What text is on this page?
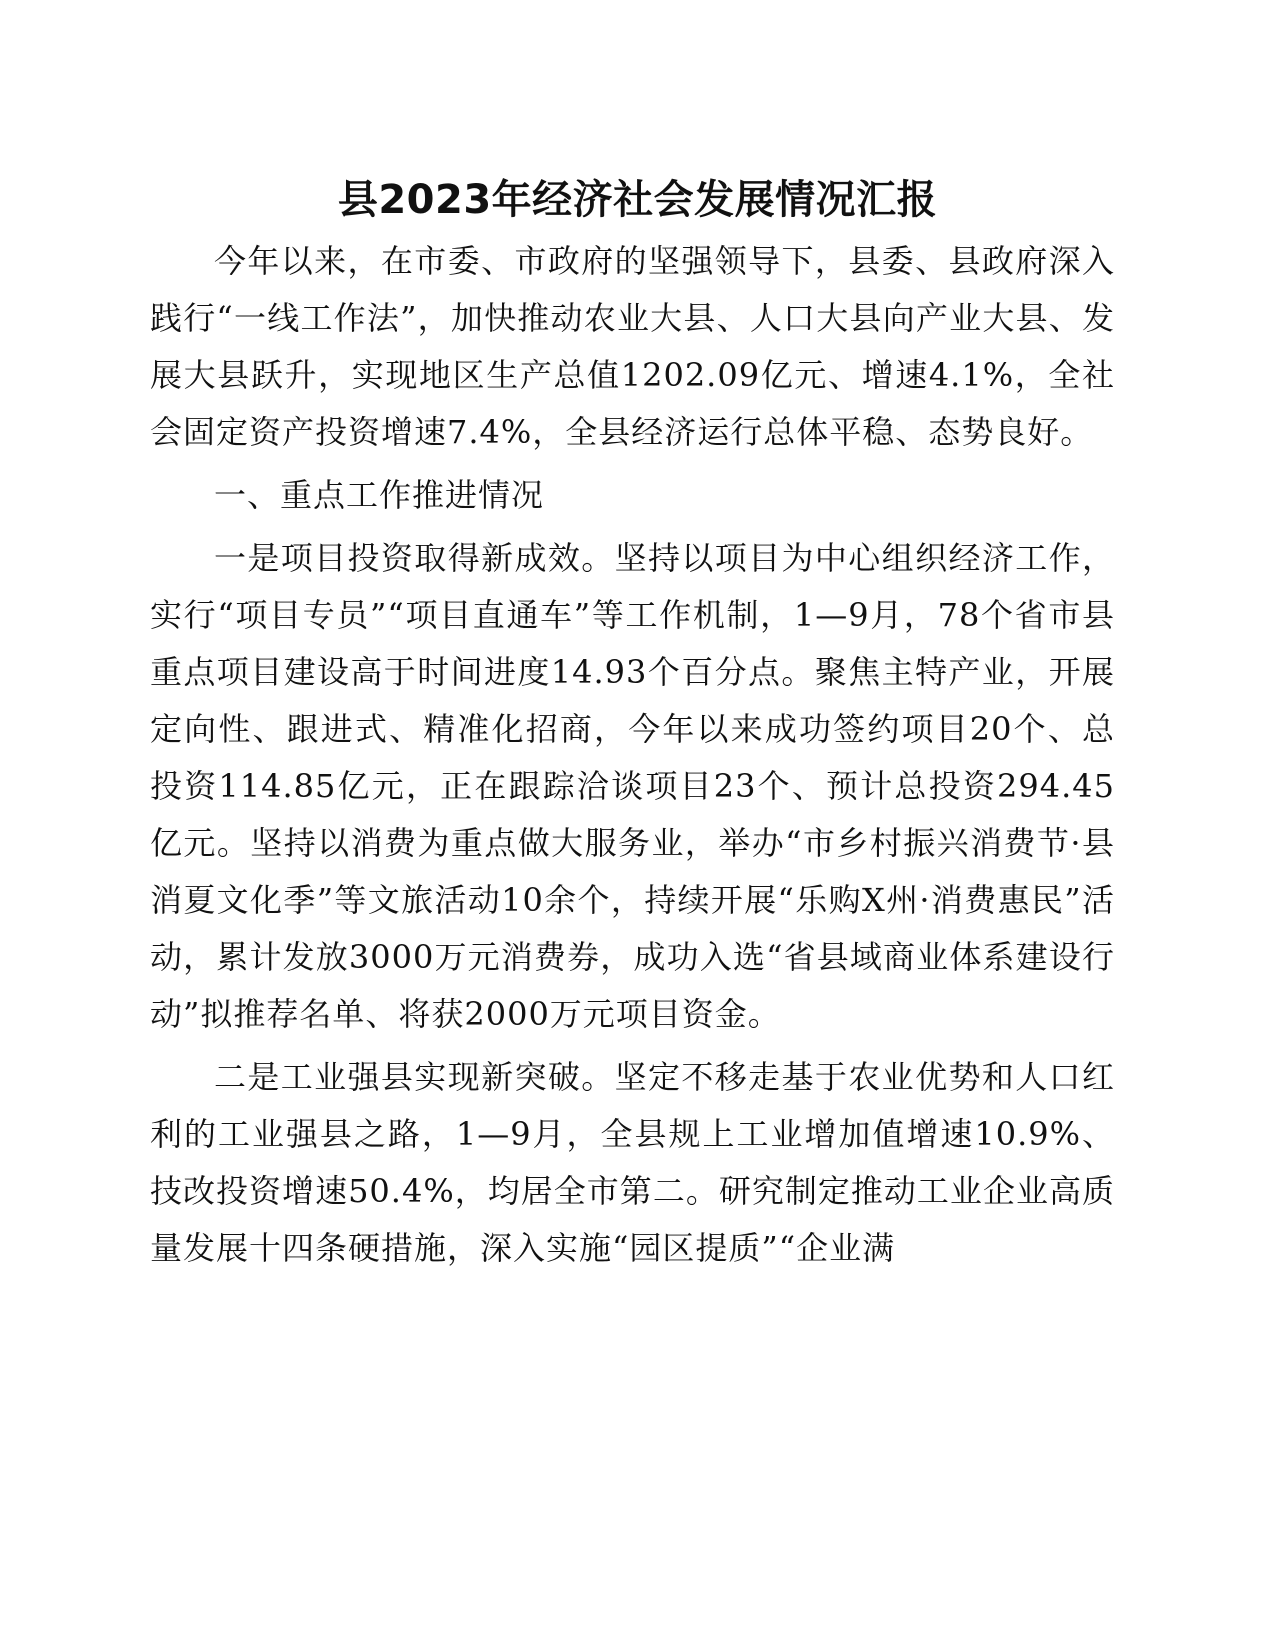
县2023年经济社会发展情况汇报

今年以来，在市委、市政府的坚强领导下，县委、县政府深入践行“一线工作法”，加快推动农业大县、人口大县向产业大县、发展大县跃升，实现地区生产总值1202.09亿元、增速4.1%，全社会固定资产投资增速7.4%，全县经济运行总体平稳、态势良好。

一、重点工作推进情况

一是项目投资取得新成效。坚持以项目为中心组织经济工作，实行“项目专员”“项目直通车”等工作机制，1—9月，78个省市县重点项目建设高于时间进度14.93个百分点。聚焦主特产业，开展定向性、跟进式、精准化招商，今年以来成功签约项目20个、总投资114.85亿元，正在跟踪洽谈项目23个、预计总投资294.45亿元。坚持以消费为重点做大服务业，举办“市乡村振兴消费节·县消夏文化季”等文旅活动10余个，持续开展“乐购X州·消费惠民”活动，累计发放3000万元消费券，成功入选“省县域商业体系建设行动”拟推荐名单、将获2000万元项目资金。

二是工业强县实现新突破。坚定不移走基于农业优势和人口红利的工业强县之路，1—9月，全县规上工业增加值增速10.9%、技改投资增速50.4%，均居全市第二。研究制定推动工业企业高质量发展十四条硬措施，深入实施“园区提质”“企业满
